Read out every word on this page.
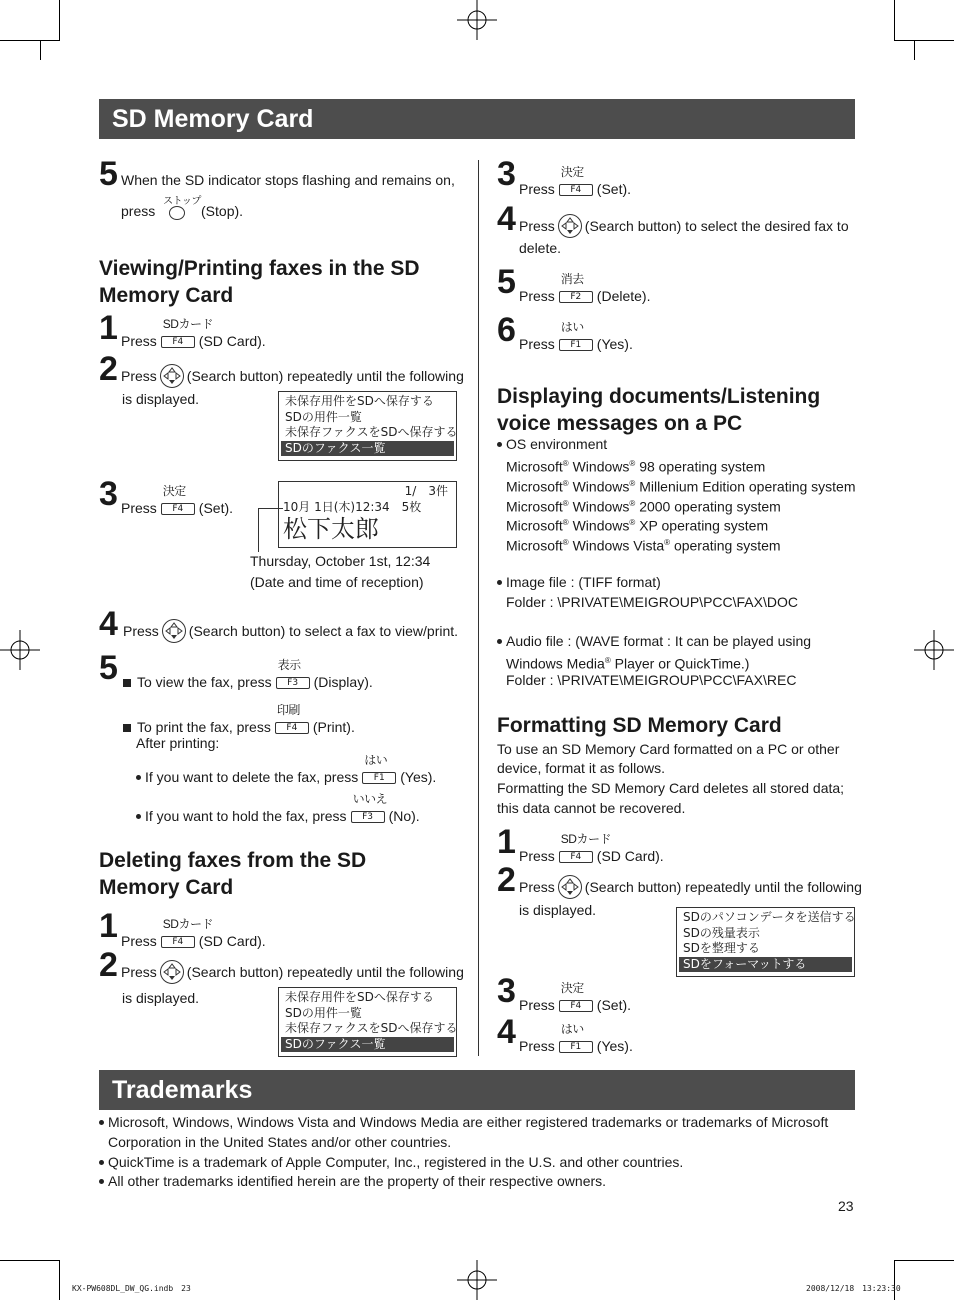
SD Memory Card
5 When the SD indicator stops flashing and remains on,
press
ストップ
(Stop).
Viewing/Printing faxes in the SD
Memory Card
1 Press
SDカード
F4	(SD Card).
2 Press (Search button) repeatedly until the following
is displayed.	未保存用件をSDへ保存する
SDの用件一覧
未保存ファクスをSDへ保存する
SDのファクス一覧
3 Press
決定
F4	(Set).
1/　3件
10月 1日(木)12:34　5枚
松下太郎
Thursday, October 1st, 12:34
(Date and time of reception)
4 Press (Search button) to select a fax to view/print.
5	To view the fax, press
表示
F3	(Display).
To print the fax, press
印刷
F4	(Print).
After printing:
If you want to delete the fax, press
はい
F1	(Yes).
If you want to hold the fax, press
いいえ
F3	(No).
Deleting faxes from the SD
Memory Card
1 Press
SDカード
F4	(SD Card).
2 Press (Search button) repeatedly until the following
is displayed.	未保存用件をSDへ保存する
SDの用件一覧
未保存ファクスをSDへ保存する
SDのファクス一覧
3 Press
決定
F4	(Set).
4 Press (Search button) to select the desired fax to
delete.
5 Press
消去
F2	(Delete).
6 Press
はい
F1	(Yes).
Displaying documents/Listening
voice messages on a PC
OS environment
Microsoft® Windows® 98 operating system
Microsoft® Windows® Millenium Edition operating system
Microsoft® Windows® 2000 operating system
Microsoft® Windows® XP operating system
Microsoft® Windows Vista® operating system
Image file : (TIFF format)
Folder : \PRIVATE\MEIGROUP\PCC\FAX\DOC
Audio file : (WAVE format : It can be played using
Windows Media® Player or QuickTime.)
Folder : \PRIVATE\MEIGROUP\PCC\FAX\REC
Formatting SD Memory Card
To use an SD Memory Card formatted on a PC or other
device, format it as follows.
Formatting the SD Memory Card deletes all stored data;
this data cannot be recovered.
1 Press
SDカード
F4	(SD Card).
2 Press (Search button) repeatedly until the following
is displayed.	SDのパソコンデータを送信する
SDの残量表示
SDを整理する
SDをフォーマットする
3 Press
決定
F4	(Set).
4 Press
はい
F1	(Yes).
Trademarks
Microsoft, Windows, Windows Vista and Windows Media are either registered trademarks or trademarks of Microsoft
Corporation in the United States and/or other countries.
QuickTime is a trademark of Apple Computer, Inc., registered in the U.S. and other countries.
All other trademarks identified herein are the property of their respective owners.
23
KX-PW608DL_DW_QG.indb　23	2008/12/18　13:23:30
